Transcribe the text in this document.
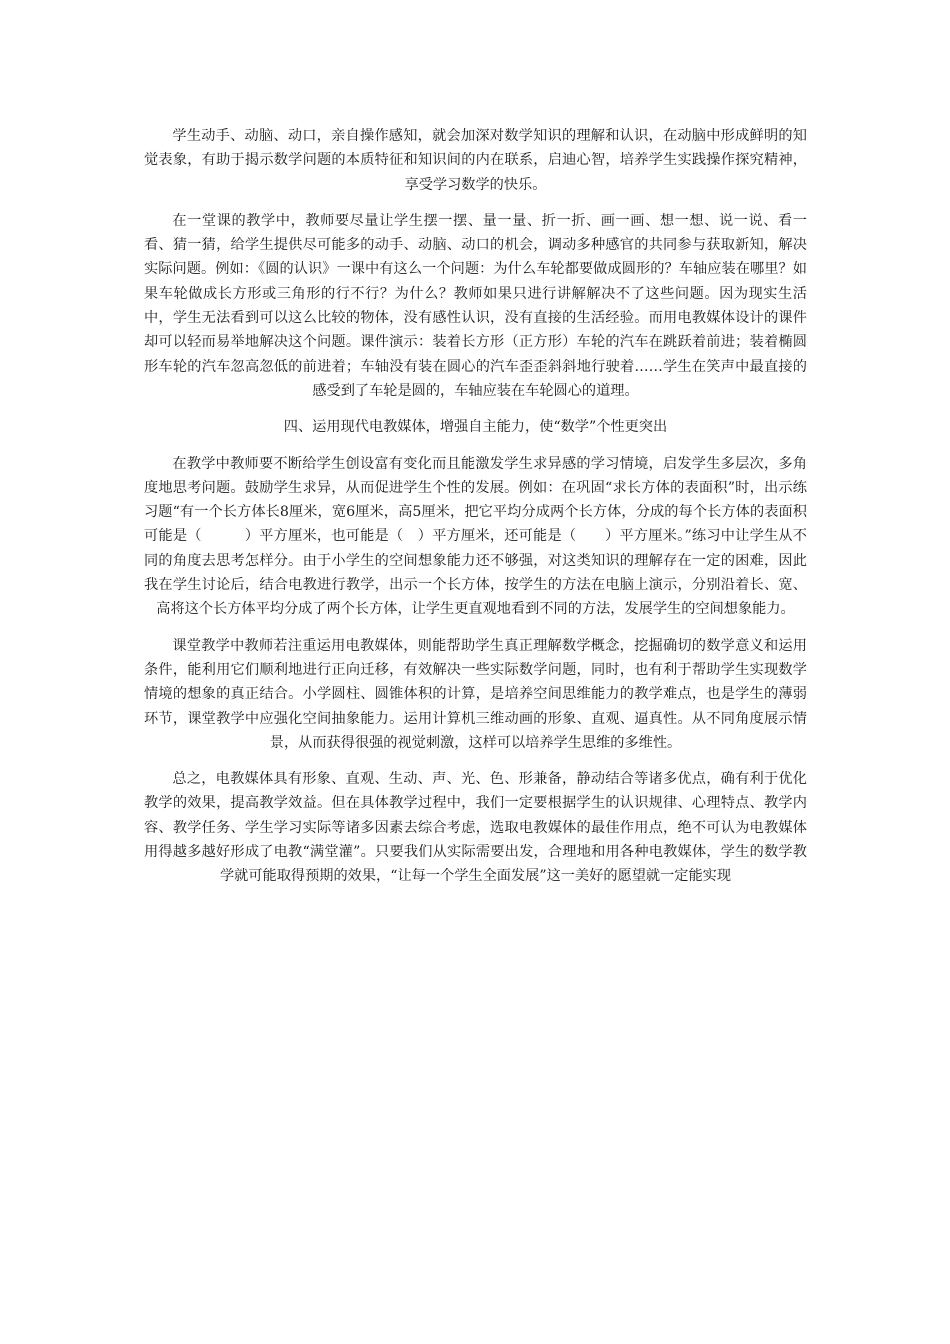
学生动手、动脑、动口，亲自操作感知，就会加深对数学知识的理解和认识，在动脑中形成鲜明的知觉表象，有助于揭示数学问题的本质特征和知识间的内在联系，启迪心智，培养学生实践操作探究精神，享受学习数学的快乐。

在一堂课的教学中，教师要尽量让学生摆一摆、量一量、折一折、画一画、想一想、说一说、看一看、猜一猜，给学生提供尽可能多的动手、动脑、动口的机会，调动多种感官的共同参与获取新知，解决实际问题。例如：《圆的认识》一课中有这么一个问题：为什么车轮都要做成圆形的？车轴应装在哪里？如果车轮做成长方形或三角形的行不行？为什么？教师如果只进行讲解解决不了这些问题。因为现实生活中，学生无法看到可以这么比较的物体，没有感性认识，没有直接的生活经验。而用电教媒体设计的课件却可以轻而易举地解决这个问题。课件演示：装着长方形（正方形）车轮的汽车在跳跃着前进；装着椭圆形车轮的汽车忽高忽低的前进着；车轴没有装在圆心的汽车歪歪斜斜地行驶着……学生在笑声中最直接的感受到了车轮是圆的，车轴应装在车轮圆心的道理。

四、运用现代电教媒体，增强自主能力，使“数学”个性更突出

在教学中教师要不断给学生创设富有变化而且能激发学生求异感的学习情境，启发学生多层次，多角度地思考问题。鼓励学生求异，从而促进学生个性的发展。例如：在巩固“求长方体的表面积”时，出示练习题“有一个长方体长8厘米，宽6厘米，高5厘米，把它平均分成两个长方体，分成的每个长方体的表面积可能是（　　　）平方厘米，也可能是（　）平方厘米，还可能是（　　）平方厘米。”练习中让学生从不同的角度去思考怎样分。由于小学生的空间想象能力还不够强，对这类知识的理解存在一定的困难，因此我在学生讨论后，结合电教进行教学，出示一个长方体，按学生的方法在电脑上演示，分别沿着长、宽、高将这个长方体平均分成了两个长方体，让学生更直观地看到不同的方法，发展学生的空间想象能力。

课堂教学中教师若注重运用电教媒体，则能帮助学生真正理解数学概念，挖掘确切的数学意义和运用条件，能利用它们顺利地进行正向迁移，有效解决一些实际数学问题，同时，也有利于帮助学生实现数学情境的想象的真正结合。小学圆柱、圆锥体积的计算，是培养空间思维能力的教学难点，也是学生的薄弱环节，课堂教学中应强化空间抽象能力。运用计算机三维动画的形象、直观、逼真性。从不同角度展示情景，从而获得很强的视觉刺激，这样可以培养学生思维的多维性。

总之，电教媒体具有形象、直观、生动、声、光、色、形兼备，静动结合等诸多优点，确有利于优化教学的效果，提高教学效益。但在具体教学过程中，我们一定要根据学生的认识规律、心理特点、教学内容、教学任务、学生学习实际等诸多因素去综合考虑，选取电教媒体的最佳作用点，绝不可认为电教媒体用得越多越好形成了电教“满堂灌”。只要我们从实际需要出发，合理地和用各种电教媒体，学生的数学教学就可能取得预期的效果，“让每一个学生全面发展”这一美好的愿望就一定能实现
